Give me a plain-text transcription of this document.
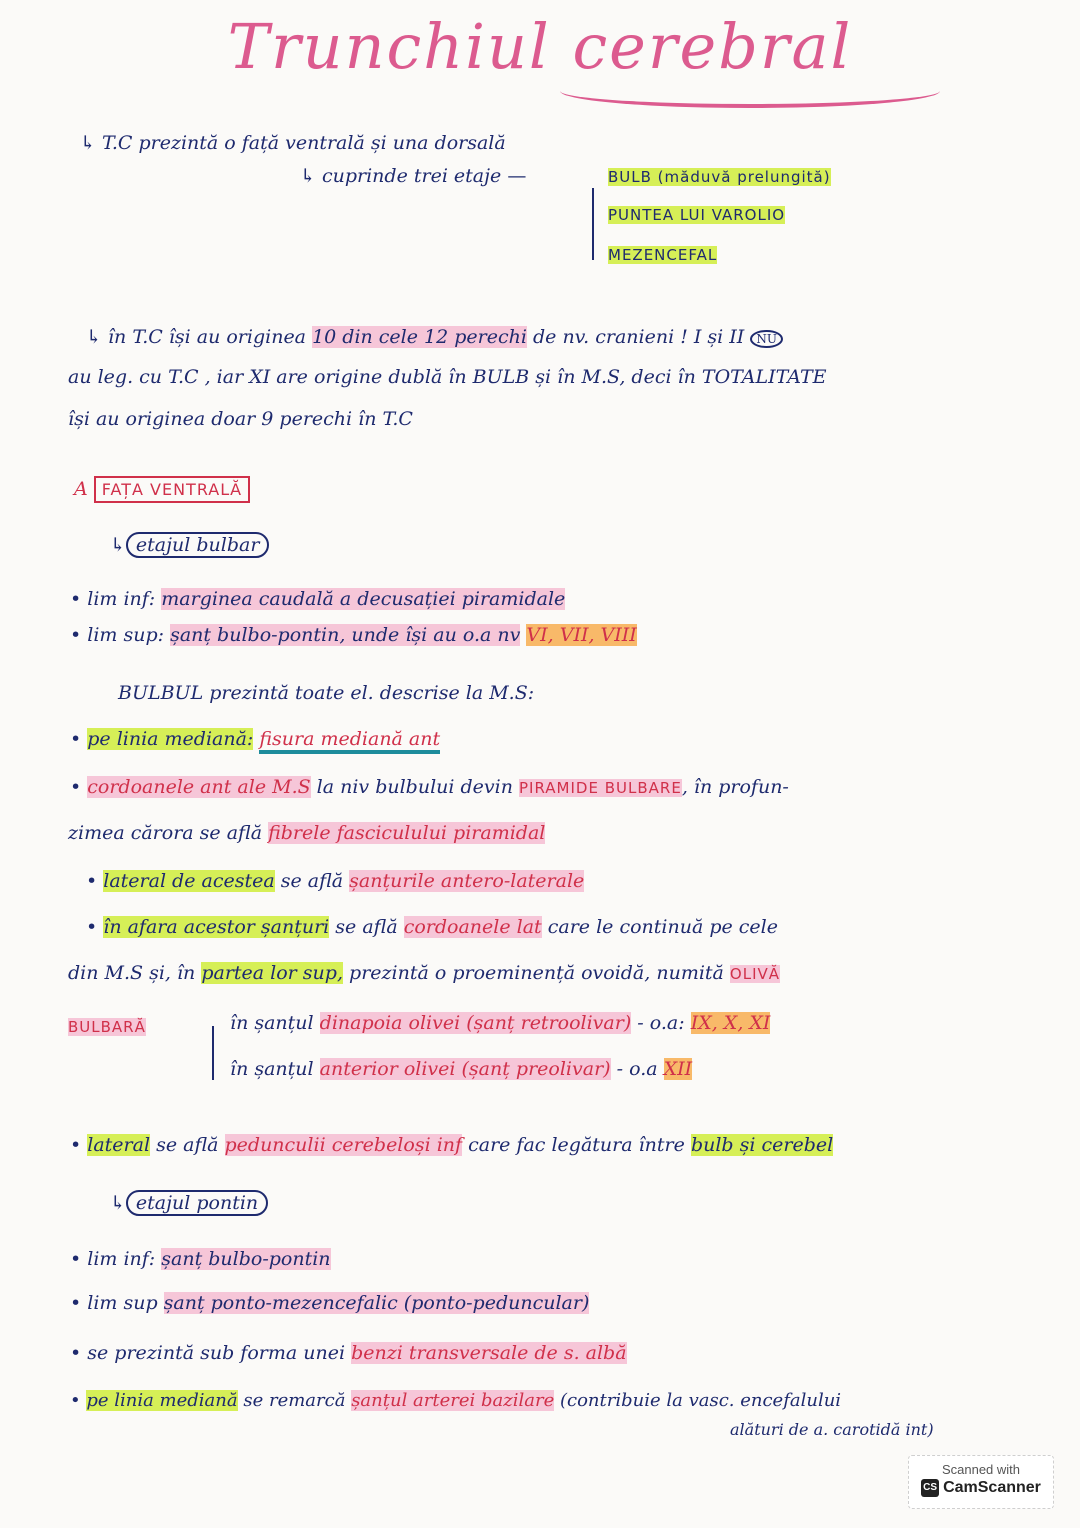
Trunchiul cerebral
↳ T.C prezintă o față ventrală și una dorsală
↳ cuprinde trei etaje —	BULB (măduvă prelungită)
PUNTEA LUI VAROLIO
MEZENCEFAL
↳ în T.C își au originea 10 din cele 12 perechi de nv. cranieni ! I și II NU
au leg. cu T.C , iar XI are origine dublă în BULB și în M.S, deci în TOTALITATE
își au originea doar 9 perechi în T.C
A FAȚA VENTRALĂ
↳ etajul bulbar
• lim inf: marginea caudală a decusației piramidale
• lim sup: șanț bulbo-pontin, unde își au o.a nv VI, VII, VIII
BULBUL prezintă toate el. descrise la M.S:
• pe linia mediană: fisura mediană ant
• cordoanele ant ale M.S la niv bulbului devin PIRAMIDE BULBARE, în profun-
zimea cărora se află fibrele fasciculului piramidal
• lateral de acestea se află șanțurile antero-laterale
• în afara acestor șanțuri se află cordoanele lat care le continuă pe cele
din M.S și, în partea lor sup, prezintă o proeminență ovoidă, numită OLIVĂ
BULBARĂ	în șanțul dinapoia olivei (șanț retroolivar) - o.a: IX, X, XI
în șanțul anterior olivei (șanț preolivar) - o.a XII
• lateral se află pedunculii cerebeloși inf care fac legătura între bulb și cerebel
↳ etajul pontin
• lim inf: șanț bulbo-pontin
• lim sup șanț ponto-mezencefalic (ponto-peduncular)
• se prezintă sub forma unei benzi transversale de s. albă
• pe linia mediană se remarcă șanțul arterei bazilare (contribuie la vasc. encefalului
alături de a. carotidă int)
Scanned with
CS CamScanner
